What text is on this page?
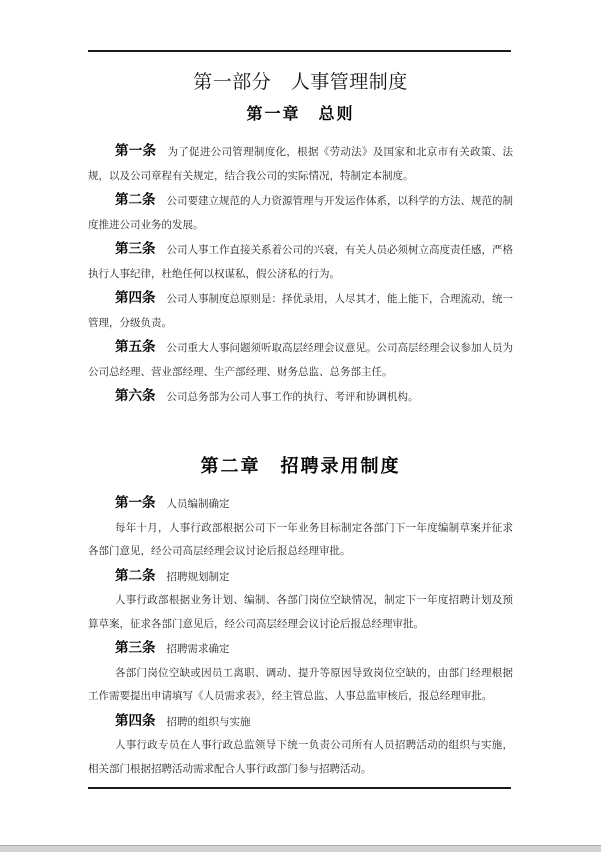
第一部分　人事管理制度
第一章　总则

第一条 为了促进公司管理制度化，根据《劳动法》及国家和北京市有关政策、法规，以及公司章程有关规定，结合我公司的实际情况，特制定本制度。

第二条 公司要建立规范的人力资源管理与开发运作体系，以科学的方法、规范的制度推进公司业务的发展。

第三条 公司人事工作直接关系着公司的兴衰，有关人员必须树立高度责任感，严格执行人事纪律，杜绝任何以权谋私，假公济私的行为。

第四条 公司人事制度总原则是：择优录用，人尽其才，能上能下，合理流动，统一管理，分级负责。

第五条 公司重大人事问题须听取高层经理会议意见。公司高层经理会议参加人员为公司总经理、营业部经理、生产部经理、财务总监、总务部主任。

第六条 公司总务部为公司人事工作的执行、考评和协调机构。

第二章　招聘录用制度

第一条 人员编制确定

每年十月，人事行政部根据公司下一年业务目标制定各部门下一年度编制草案并征求各部门意见，经公司高层经理会议讨论后报总经理审批。

第二条 招聘规划制定

人事行政部根据业务计划、编制、各部门岗位空缺情况，制定下一年度招聘计划及预算草案，征求各部门意见后，经公司高层经理会议讨论后报总经理审批。

第三条 招聘需求确定

各部门岗位空缺或因员工离职、调动、提升等原因导致岗位空缺的，由部门经理根据工作需要提出申请填写《人员需求表》，经主管总监、人事总监审核后，报总经理审批。

第四条 招聘的组织与实施

人事行政专员在人事行政总监领导下统一负责公司所有人员招聘活动的组织与实施，相关部门根据招聘活动需求配合人事行政部门参与招聘活动。
